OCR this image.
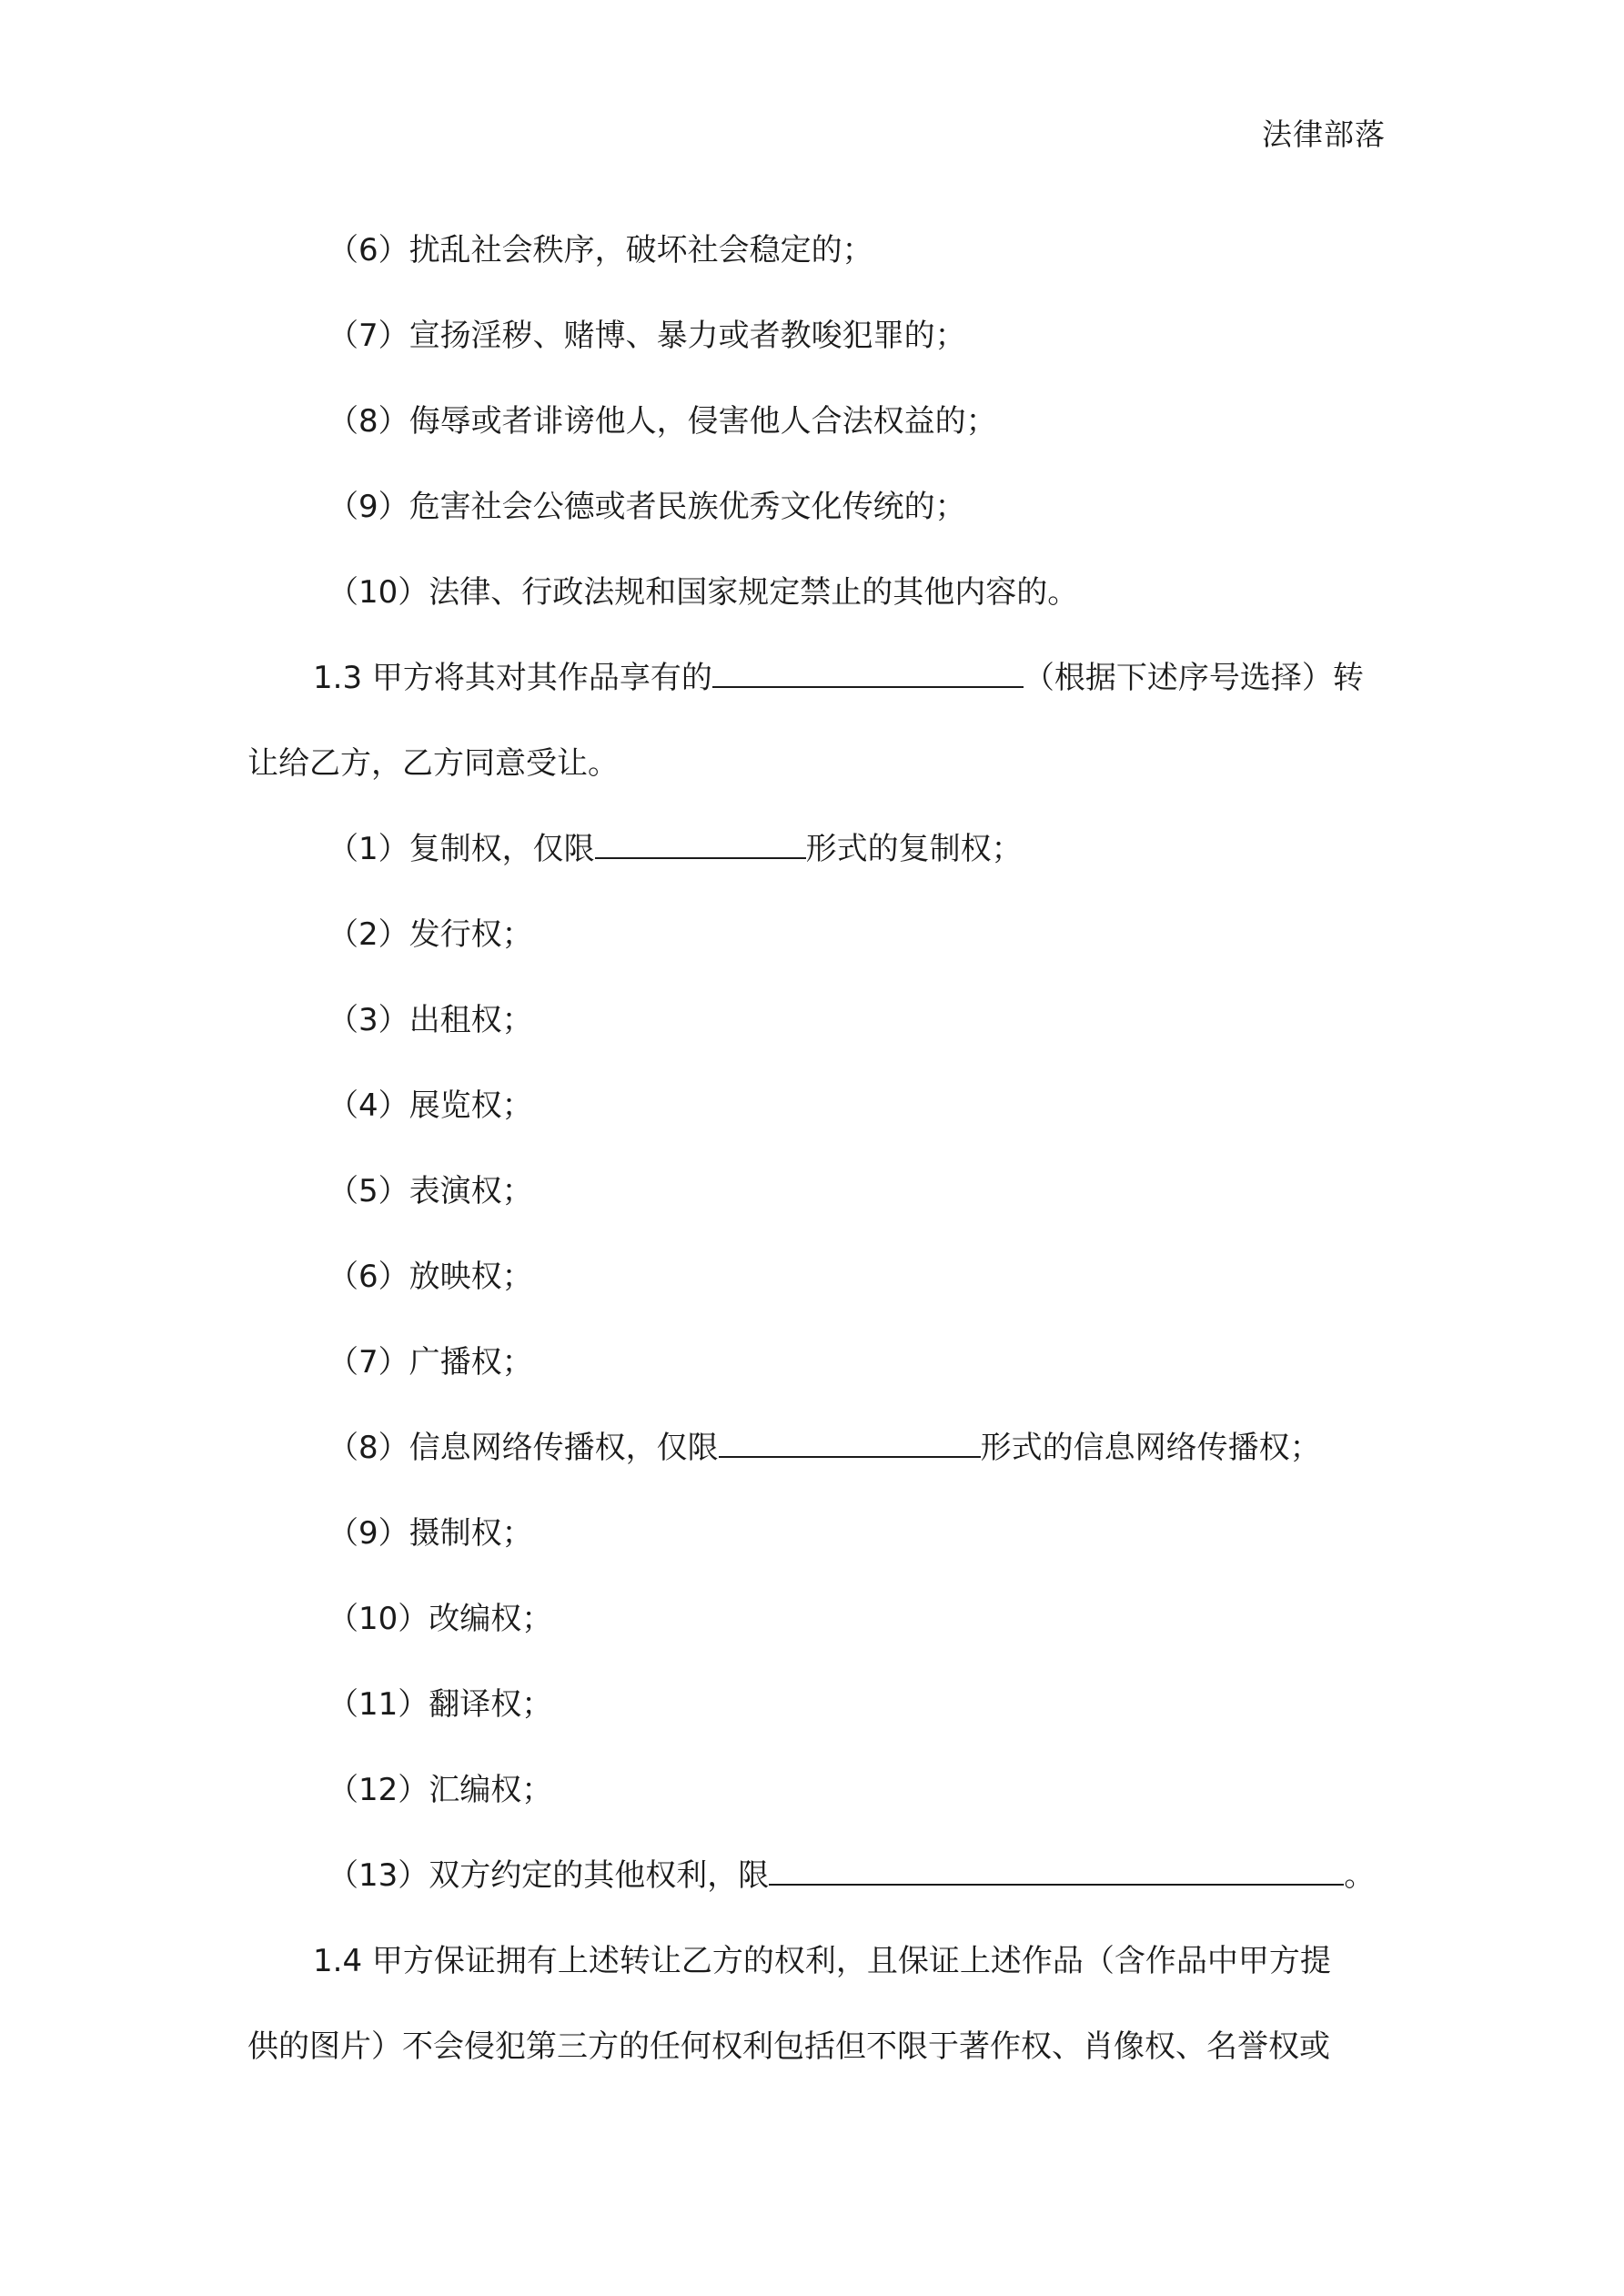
法律部落
（6）扰乱社会秩序，破坏社会稳定的；
（7）宣扬淫秽、赌博、暴力或者教唆犯罪的；
（8）侮辱或者诽谤他人，侵害他人合法权益的；
（9）危害社会公德或者民族优秀文化传统的；
（10）法律、行政法规和国家规定禁止的其他内容的。
1.3 甲方将其对其作品享有的	（根据下述序号选择）转
让给乙方，乙方同意受让。
（1）复制权，仅限	形式的复制权；
（2）发行权；
（3）出租权；
（4）展览权；
（5）表演权；
（6）放映权；
（7）广播权；
（8）信息网络传播权，仅限	形式的信息网络传播权；
（9）摄制权；
（10）改编权；
（11）翻译权；
（12）汇编权；
（13）双方约定的其他权利，限	。
1.4 甲方保证拥有上述转让乙方的权利，且保证上述作品（含作品中甲方提
供的图片）不会侵犯第三方的任何权利包括但不限于著作权、肖像权、名誉权或
